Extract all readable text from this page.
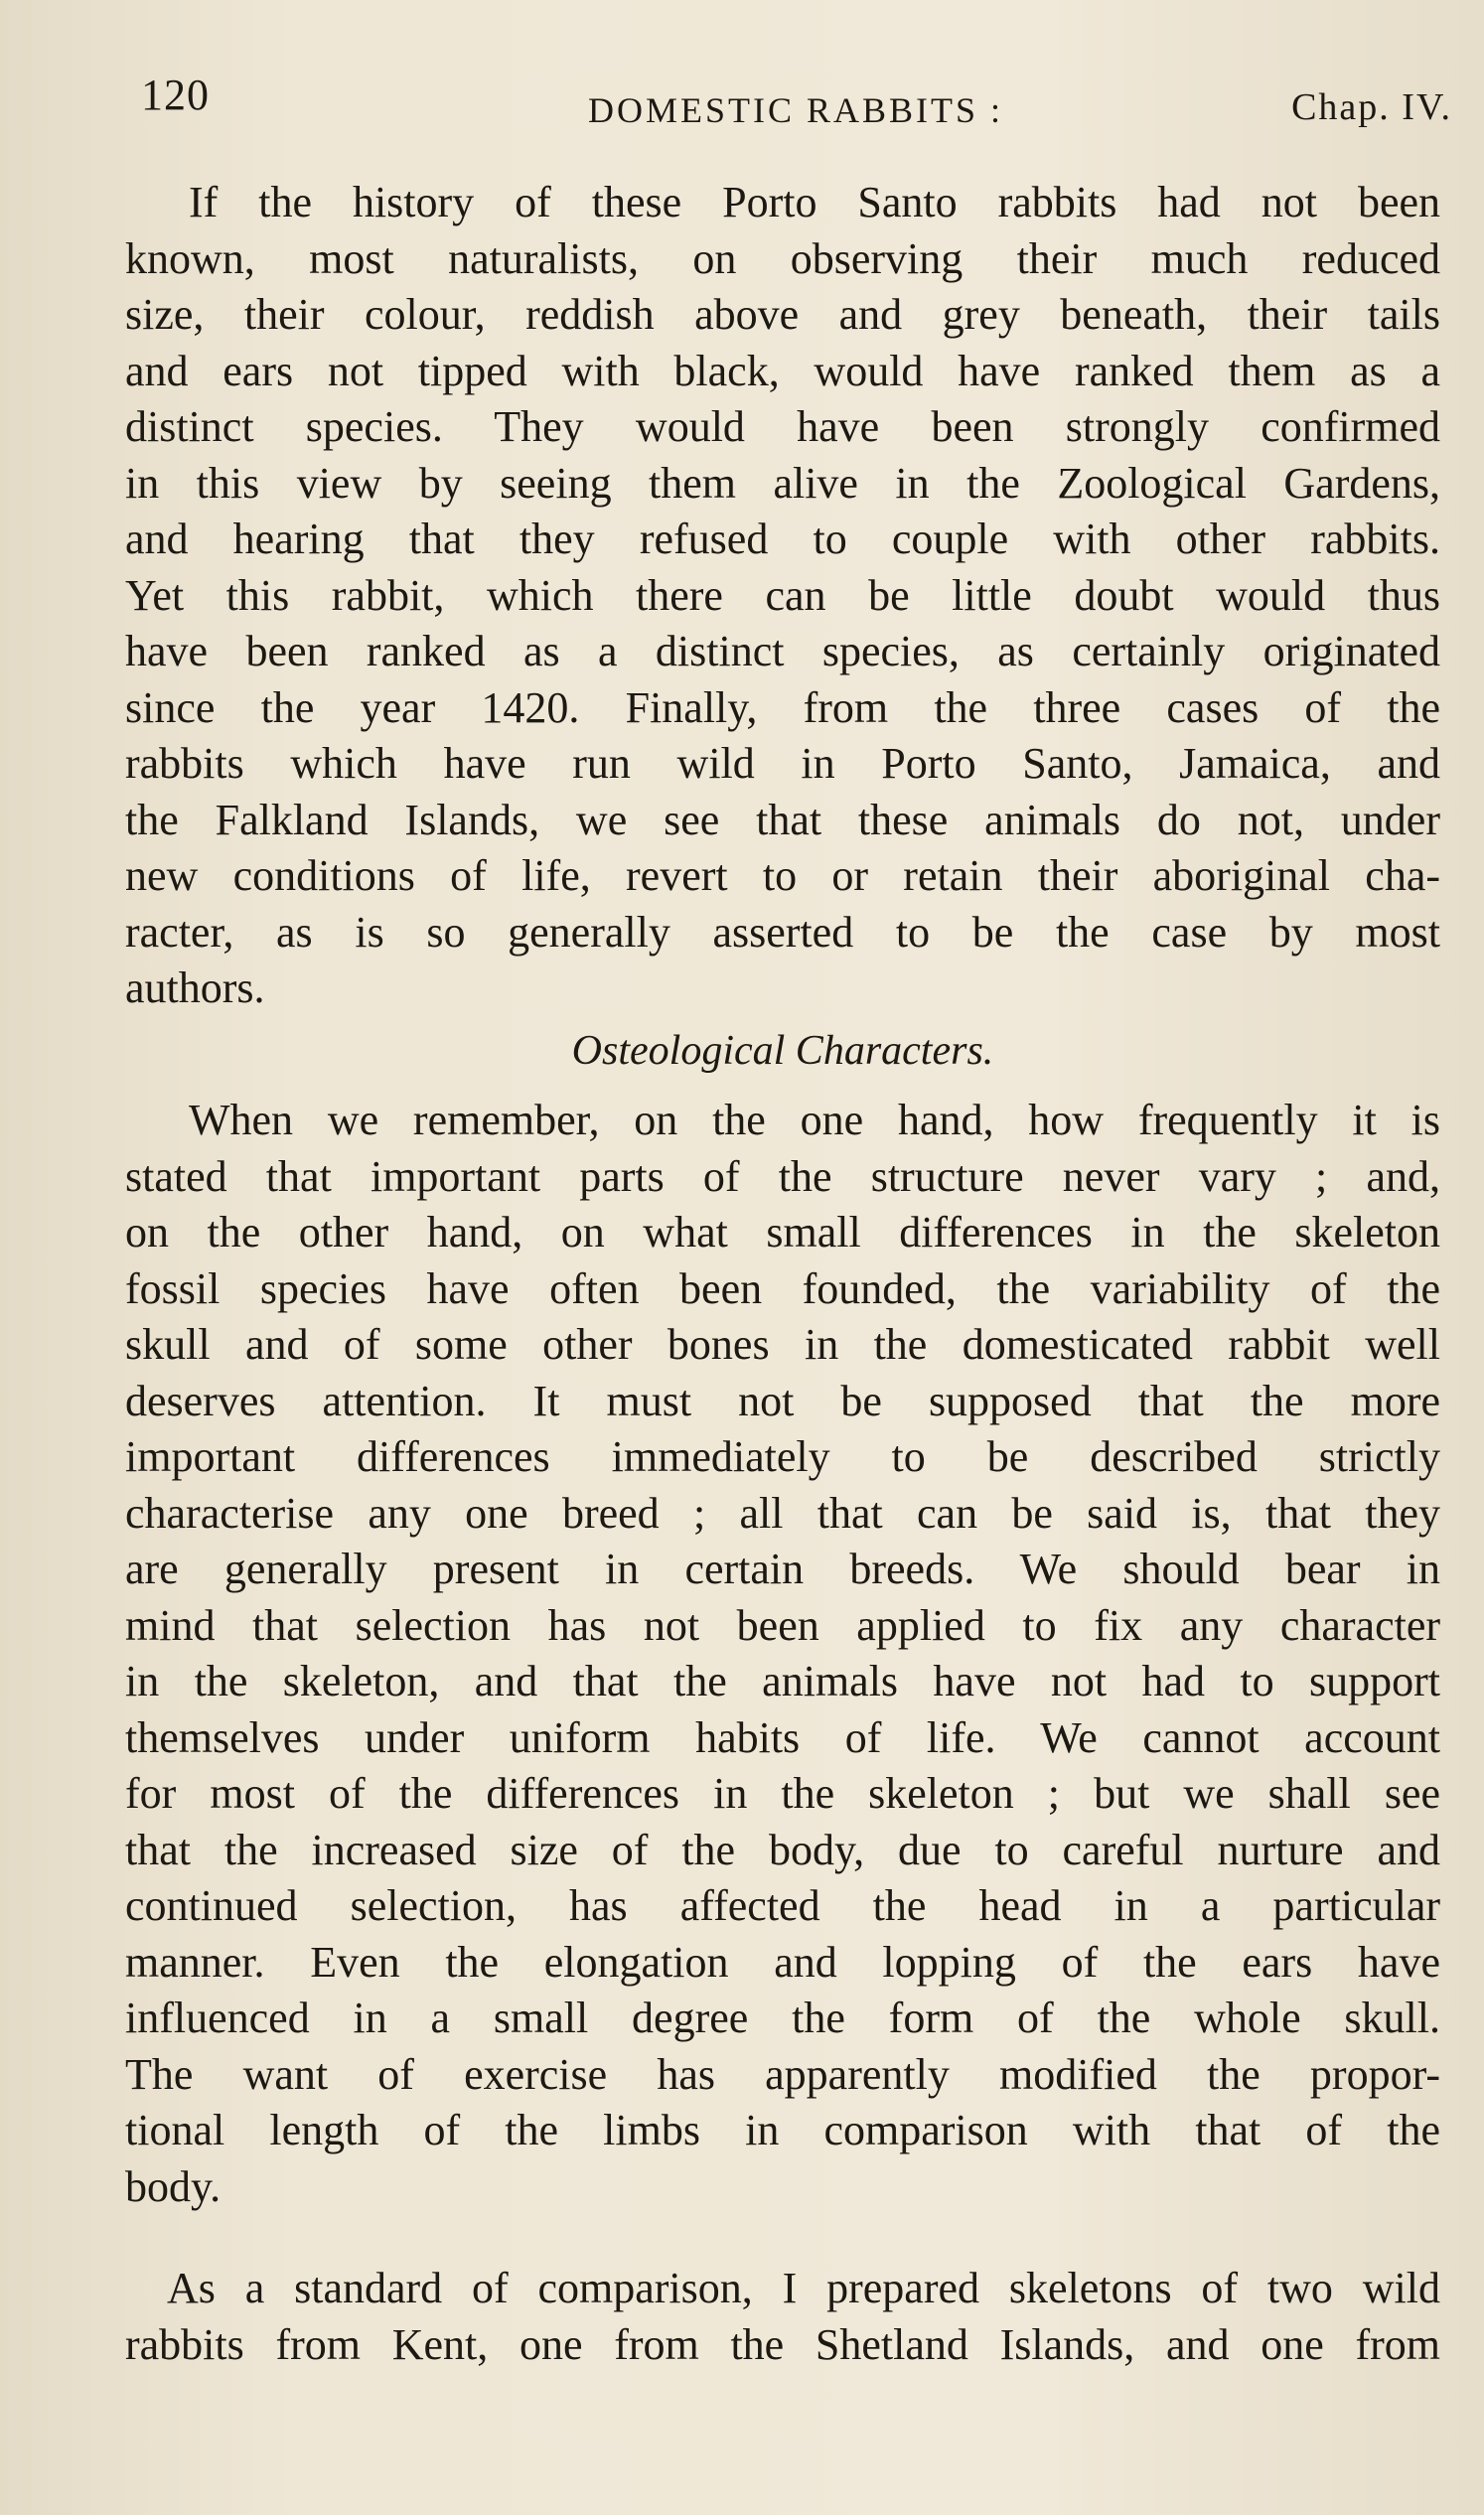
120	DOMESTIC RABBITS :	Chap. IV.
If the history of these Porto Santo rabbits had not been
known, most naturalists, on observing their much reduced
size, their colour, reddish above and grey beneath, their tails
and ears not tipped with black, would have ranked them as a
distinct species. They would have been strongly confirmed
in this view by seeing them alive in the Zoological Gardens,
and hearing that they refused to couple with other rabbits.
Yet this rabbit, which there can be little doubt would thus
have been ranked as a distinct species, as certainly originated
since the year 1420. Finally, from the three cases of the
rabbits which have run wild in Porto Santo, Jamaica, and
the Falkland Islands, we see that these animals do not, under
new conditions of life, revert to or retain their aboriginal cha-
racter, as is so generally asserted to be the case by most
authors.
Osteological Characters.
When we remember, on the one hand, how frequently it is
stated that important parts of the structure never vary ; and,
on the other hand, on what small differences in the skeleton
fossil species have often been founded, the variability of the
skull and of some other bones in the domesticated rabbit well
deserves attention. It must not be supposed that the more
important differences immediately to be described strictly
characterise any one breed ; all that can be said is, that they
are generally present in certain breeds. We should bear in
mind that selection has not been applied to fix any character
in the skeleton, and that the animals have not had to support
themselves under uniform habits of life. We cannot account
for most of the differences in the skeleton ; but we shall see
that the increased size of the body, due to careful nurture and
continued selection, has affected the head in a particular
manner. Even the elongation and lopping of the ears have
influenced in a small degree the form of the whole skull.
The want of exercise has apparently modified the propor-
tional length of the limbs in comparison with that of the
body.
As a standard of comparison, I prepared skeletons of two wild
rabbits from Kent, one from the Shetland Islands, and one from
